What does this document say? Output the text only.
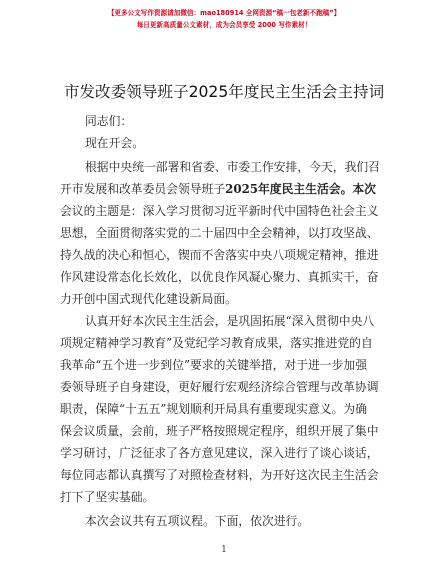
【更多公文写作资源请加微信：mao180914 全网资源“稿一包老新不跑稿”】
每日更新高质量公文素材，成为会员享受 2000 写作素材！
市发改委领导班子2025年度民主生活会主持词
同志们：
现在开会。
根据中央统一部署和省委、市委工作安排，今天，我们召
开市发展和改革委员会领导班子2025年度民主生活会。本次
会议的主题是：深入学习贯彻习近平新时代中国特色社会主义
思想，全面贯彻落实党的二十届四中全会精神，以打攻坚战、
持久战的决心和恒心，锲而不舍落实中央八项规定精神，推进
作风建设常态化长效化，以优良作风凝心聚力、真抓实干，奋
力开创中国式现代化建设新局面。
认真开好本次民主生活会，是巩固拓展“深入贯彻中央八
项规定精神学习教育”及党纪学习教育成果，落实推进党的自
我革命“五个进一步到位”要求的关键举措，对于进一步加强
委领导班子自身建设，更好履行宏观经济综合管理与改革协调
职责，保障“十五五”规划顺利开局具有重要现实意义。为确
保会议质量，会前，班子严格按照规定程序，组织开展了集中
学习研讨，广泛征求了各方意见建议，深入进行了谈心谈话，
每位同志都认真撰写了对照检查材料，为开好这次民主生活会
打下了坚实基础。
本次会议共有五项议程。下面，依次进行。
1
